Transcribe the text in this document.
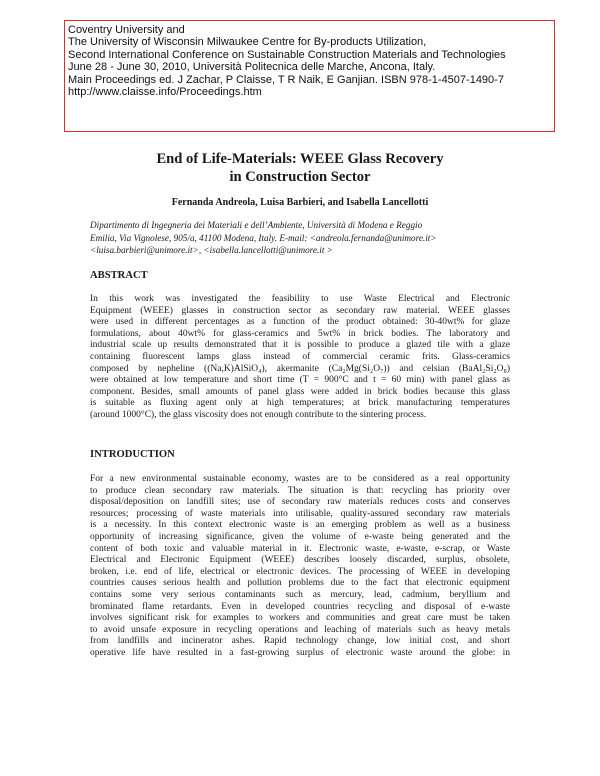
Coventry University and
The University of Wisconsin Milwaukee Centre for By-products Utilization,
Second International Conference on Sustainable Construction Materials and Technologies
June 28 - June 30, 2010, Università Politecnica delle Marche, Ancona, Italy.
Main Proceedings ed. J Zachar, P Claisse, T R Naik, E Ganjian. ISBN 978-1-4507-1490-7
http://www.claisse.info/Proceedings.htm
End of Life-Materials: WEEE Glass Recovery
in Construction Sector
Fernanda Andreola, Luisa Barbieri, and Isabella Lancellotti
Dipartimento di Ingegneria dei Materiali e dell’Ambiente, Università di Modena e Reggio
Emilia, Via Vignolese, 905/a, 41100 Modena, Italy. E-mail: <andreola.fernanda@unimore.it>
<luisa.barbieri@unimore.it>, <isabella.lancellotti@unimore.it >
ABSTRACT
In this work was investigated the feasibility to use Waste Electrical and Electronic
Equipment (WEEE) glasses in construction sector as secondary raw material. WEEE glasses
were used in different percentages as a function of the product obtained: 30-40wt% for glaze
formulations, about 40wt% for glass-ceramics and 5wt% in brick bodies. The laboratory and
industrial scale up results demonstrated that it is possible to produce a glazed tile with a glaze
containing fluorescent lamps glass instead of commercial ceramic frits. Glass-ceramics
composed by nepheline ((Na,K)AlSiO₄), akermanite (Ca₂Mg(Si₂O₇)) and celsian (BaAl₂Si₂O₈)
were obtained at low temperature and short time (T = 900°C and t = 60 min) with panel glass as
component. Besides, small amounts of panel glass were added in brick bodies because this glass
is suitable as fluxing agent only at high temperatures; at brick manufacturing temperatures
(around 1000°C), the glass viscosity does not enough contribute to the sintering process.
INTRODUCTION
For a new environmental sustainable economy, wastes are to be considered as a real opportunity
to produce clean secondary raw materials. The situation is that: recycling has priority over
disposal/deposition on landfill sites; use of secondary raw materials reduces costs and conserves
resources; processing of waste materials into utilisable, quality-assured secondary raw materials
is a necessity. In this context electronic waste is an emerging problem as well as a business
opportunity of increasing significance, given the volume of e-waste being generated and the
content of both toxic and valuable material in it. Electronic waste, e-waste, e-scrap, or Waste
Electrical and Electronic Equipment (WEEE) describes loosely discarded, surplus, obsolete,
broken, i.e. end of life, electrical or electronic devices. The processing of WEEE in developing
countries causes serious health and pollution problems due to the fact that electronic equipment
contains some very serious contaminants such as mercury, lead, cadmium, beryllium and
brominated flame retardants. Even in developed countries recycling and disposal of e-waste
involves significant risk for examples to workers and communities and great care must be taken
to avoid unsafe exposure in recycling operations and leaching of materials such as heavy metals
from landfills and incinerator ashes. Rapid technology change, low initial cost, and short
operative life have resulted in a fast-growing surplus of electronic waste around the globe: in
